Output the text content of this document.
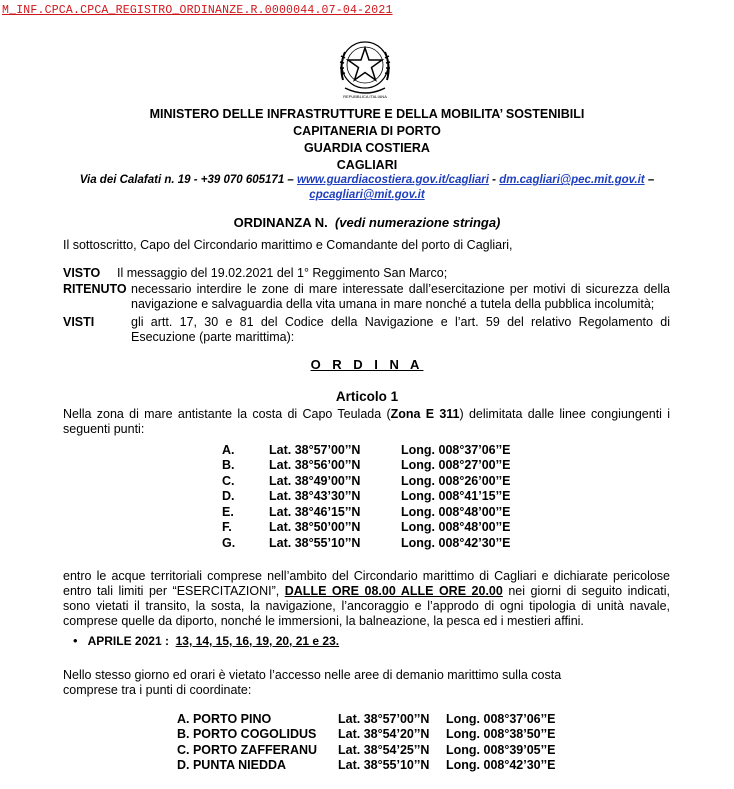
M_INF.CPCA.CPCA_REGISTRO_ORDINANZE.R.0000044.07-04-2021
REPUBBLICA ITALIANA
MINISTERO DELLE INFRASTRUTTURE E DELLA MOBILITA’ SOSTENIBILI
CAPITANERIA DI PORTO
GUARDIA COSTIERA
CAGLIARI
Via dei Calafati n. 19 - +39 070 605171 – www.guardiacostiera.gov.it/cagliari - dm.cagliari@pec.mit.gov.it –
cpcagliari@mit.gov.it
ORDINANZA N. (vedi numerazione stringa)
Il sottoscritto, Capo del Circondario marittimo e Comandante del porto di Cagliari,
VISTO Il messaggio del 19.02.2021 del 1° Reggimento San Marco;
RITENUTO necessario interdire le zone di mare interessate dall’esercitazione per motivi di sicurezza della navigazione e salvaguardia della vita umana in mare nonché a tutela della pubblica incolumità;
VISTI	gli artt. 17, 30 e 81 del Codice della Navigazione e l’art. 59 del relativo Regolamento di Esecuzione (parte marittima):
O R D I N A
Articolo 1
Nella zona di mare antistante la costa di Capo Teulada (Zona E 311) delimitata dalle linee congiungenti i seguenti punti:
A.	Lat. 38°57’00’’N	Long. 008°37’06’’E
B.	Lat. 38°56’00’’N	Long. 008°27’00’’E
C.	Lat. 38°49’00’’N	Long. 008°26’00’’E
D.	Lat. 38°43’30’’N	Long. 008°41’15’’E
E.	Lat. 38°46’15’’N	Long. 008°48’00’’E
F.	Lat. 38°50’00’’N	Long. 008°48’00’’E
G.	Lat. 38°55’10’’N	Long. 008°42’30’’E
entro le acque territoriali comprese nell’ambito del Circondario marittimo di Cagliari e dichiarate pericolose entro tali limiti per “ESERCITAZIONI”, DALLE ORE 08.00 ALLE ORE 20.00 nei giorni di seguito indicati, sono vietati il transito, la sosta, la navigazione, l’ancoraggio e l’approdo di ogni tipologia di unità navale, comprese quelle da diporto, nonché le immersioni, la balneazione, la pesca ed i mestieri affini.
• APRILE 2021 : 13, 14, 15, 16, 19, 20, 21 e 23.
Nello stesso giorno ed orari è vietato l’accesso nelle aree di demanio marittimo sulla costa comprese tra i punti di coordinate:
A. PORTO PINO	Lat. 38°57’00’’N	Long. 008°37’06’’E
B. PORTO COGOLIDUS	Lat. 38°54’20’’N	Long. 008°38’50’’E
C. PORTO ZAFFERANU	Lat. 38°54’25’’N	Long. 008°39’05’’E
D. PUNTA NIEDDA	Lat. 38°55’10’’N	Long. 008°42’30’’E
